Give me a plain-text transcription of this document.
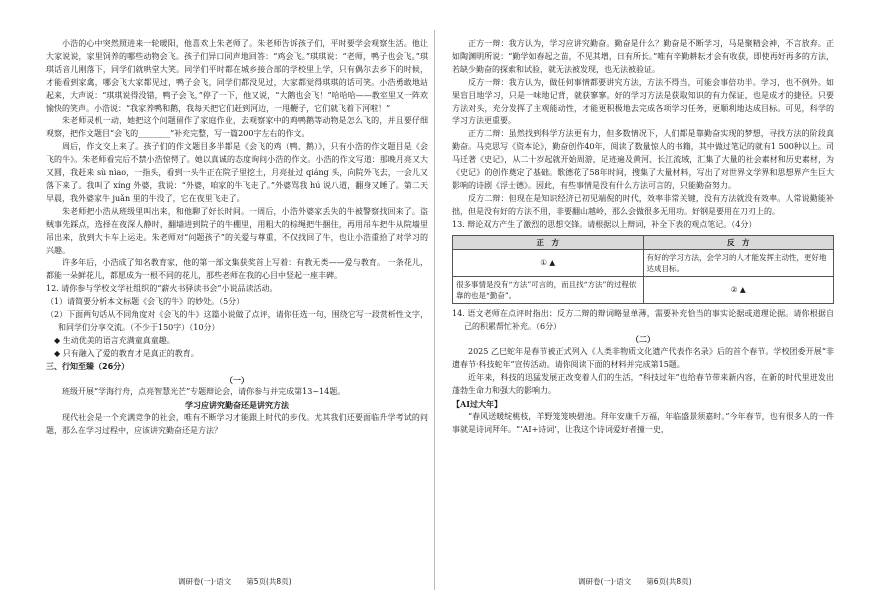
小浩的心中突然照进来一轮暖阳，他喜欢上朱老师了。朱老师告诉孩子们，平时要学会观察生活。他让大家说说，家里饲养的哪些动物会飞。孩子们异口同声地回答：“鸡会飞。”琪琪说：“老师，鸭子也会飞。”琪琪话音儿刚落下，同学们就哄堂大笑。同学们平时都在城乡接合部的学校里上学，只有偶尔去乡下的时候，才能看到家禽，哪会飞大家都见过，鸭子会飞，同学们都没见过，大家都觉得琪琪的话可笑。小浩勇敢地站起来，大声说：“琪琪说得没错，鸭子会飞，”停了一下，他又说，“大鹅也会飞！”哈哈哈——教室里又一阵欢愉快的笑声。小浩说：“我家养鸭和鹅，我每天把它们赶到河边，一甩鞭子，它们就飞着下河啦！”

朱老师灵机一动，她把这个问题留作了家庭作业，去观察家中的鸡鸭鹅等动物是怎么飞的，并且要仔细观察，把作文题目“会飞的________”补充完整，写一篇200字左右的作文。

周后，作文交上来了。孩子们的作文题目多半都是《会飞的鸡（鸭、鹅）》，只有小浩的作文题目是《会飞的牛》。朱老师看完后不禁小浩惊愕了。她以真诚的态度询问小浩的作文。小浩的作文写道：那晚月亮又大又圆，我赶来 sù nìao，一指头，看到一头牛正在院子里挖土，月亮扯过 qiáng 头，向院外飞去，一会儿又落下来了。我叫了 xíng 外婆，我说：“外婆，咱家的牛飞走了。”外婆骂我 hú 说八道，翻身又睡了。第二天早晨，我外婆家牛 juǎn 里的牛没了，它在夜里飞走了。

朱老师把小浩从班级里叫出来，和他聊了好长时间。一周后，小浩外婆家丢失的牛被警察找回来了。盗贼事先踩点，选择在夜深人静时，翻墙进到院子的牛棚里，用粗大的棕绳把牛捆住，再用吊车把牛从院墙里吊出来，放到大卡车上运走。朱老师对“问题孩子”的关爱与尊重，不仅找回了牛，也让小浩重拾了对学习的兴趣。

许多年后，小浩成了知名教育家，他的第一部文集获奖首上写着：有教无类——爱与教育。 一条花儿，都能一朵鲜花儿，都愿成为一根不同的花儿，那些老师在我的心目中竖起一座丰碑。

12. 请你参与学校文学社组织的“薪火书驿读书会”小说品读活动。

（1）请简要分析本文标题《会飞的牛》的妙处。（5分）

（2）下面两句话从不同角度对《会飞的牛》这篇小说做了点评，请你任选一句，围绕它写一段赏析性文字，和同学们分享交流。（不少于150字）（10分）

◆ 生动优美的语言充满童真童趣。

◆ 只有融入了爱的教育才是真正的教育。

三、行知至臻（26分）

（一）

班级开展“学海行舟，点亮智慧光芒”专题辩论会，请你参与并完成第13~14题。

学习应讲究勤奋还是讲究方法

现代社会是一个充满竞争的社会，唯有不断学习才能跟上时代的步伐。尤其我们还要面临升学考试的问题，那么在学习过程中，应该讲究勤奋还是方法？

正方一辩：我方认为，学习应讲究勤奋。勤奋是什么？勤奋是不断学习，马是聚精会神，不言放弃。正如陶渊明所说：“勤学如春起之苗，不见其增，日有所长。”唯有辛勤耕耘才会有收获，即使再好再多的方法，若缺少勤奋的探索和试验，就无法被发现，也无法被验证。

反方一辩：我方认为，做任何事情都要讲究方法，方法不得当，可能会事倍功半。学习，也不例外。如果盲目地学习，只是一味地记背，就获寥寥。好的学习方法是获取知识的有力保证，也是成才的捷径。只要方法对头，充分发挥了主观能动性，才能更积极地去完成各项学习任务，更顺利地达成目标。可见，科学的学习方法更重要。

正方二辩：虽然找到科学方法更有力，但多数情况下，人们都是靠勤奋实现的梦想，寻找方法的阶段真勤奋。马克思写《资本论》，勤奋创作40年，阅读了数量惊人的书籍，其中做过笔记的就有1 500种以上。司马迁著《史记》，从二十岁起就开始周游，足迹遍及黄河、长江流域，汇集了大量的社会素材和历史素材，为《史记》的创作奠定了基础。歌德花了58年时间，搜集了大量材料，写出了对世界文学界和思想界产生巨大影响的诗剧《浮士德》。因此，有些事情是没有什么方法可言的，只能勤奋努力。

反方二辩：但现在是知识经济已初见端倪的时代，效率非常关键，没有方法就没有效率。人常说勤能补拙，但是没有好的方法不用，非要翻山越岭，那么会做很多无用功。好钢是要用在刀刃上的。

13. 辩论双方产生了激烈的思想交锋。请根据以上辩词，补全下表的观点笔记。（4分）

正　方	反　方
① ▲	有好的学习方法，会学习的人才能发挥主动性，更好地达成目标。
很多事情是没有“方法”可言的，而且找“方法”的过程依靠的也是“勤奋”。	② ▲

14. 语文老师在点评时指出：反方二辩的辩词略显单薄，需要补充恰当的事实论据或道理论据。请你根据自己的积累帮忙补充。（6分）

（二）

2025 乙巳蛇年是春节被正式列入《人类非物质文化遗产代表作名录》后的首个春节。学校团委开展“非遗春节·科技蛇年”宣传活动。请你阅读下面的材料并完成第15题。

近年来，科技的迅猛发展正改变着人们的生活，“科技过年”也给春节带来新内容，在新的时代里迸发出蓬勃生命力和强大的影响力。

【AI过大年】

“春风送暖绽桃枝，羊野笼笼映碧池。拜年安康千万福，年临盛景须嘉时。”今年春节，也有很多人的一件事就是诗词拜年。“‘AI+诗词’，让我这个诗词爱好者撞一史，

调研卷(一)·语文　　第5页(共8页)	调研卷(一)·语文　　第6页(共8页)
